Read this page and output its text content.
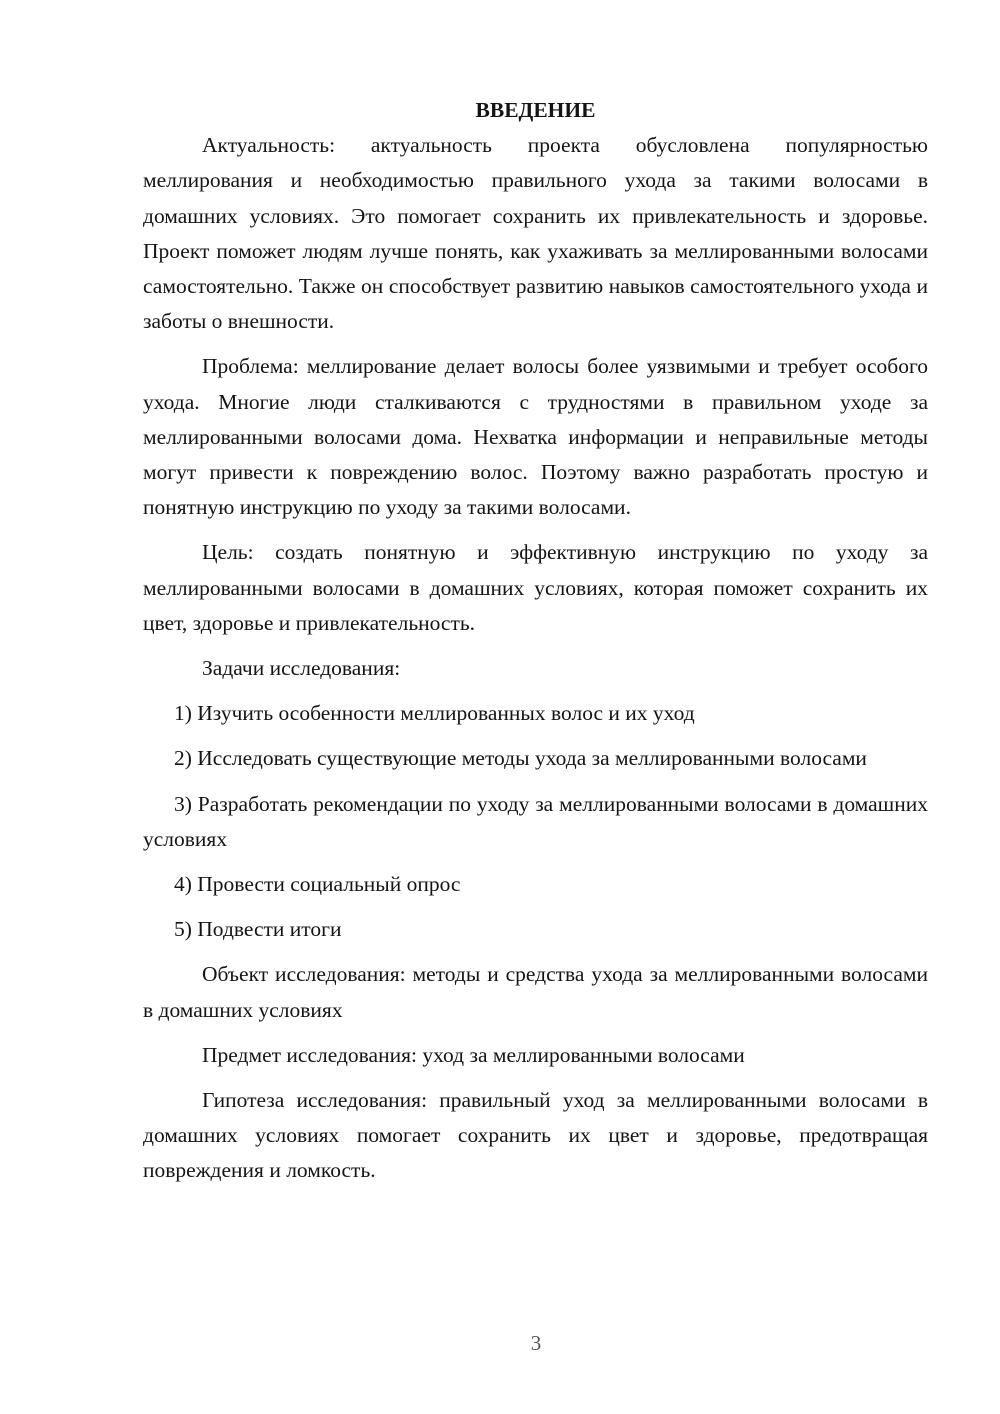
ВВЕДЕНИЕ

Актуальность: актуальность проекта обусловлена популярностью меллирования и необходимостью правильного ухода за такими волосами в домашних условиях. Это помогает сохранить их привлекательность и здоровье. Проект поможет людям лучше понять, как ухаживать за меллированными волосами самостоятельно. Также он способствует развитию навыков самостоятельного ухода и заботы о внешности.

Проблема: меллирование делает волосы более уязвимыми и требует особого ухода. Многие люди сталкиваются с трудностями в правильном уходе за меллированными волосами дома. Нехватка информации и неправильные методы могут привести к повреждению волос. Поэтому важно разработать простую и понятную инструкцию по уходу за такими волосами.

Цель: создать понятную и эффективную инструкцию по уходу за меллированными волосами в домашних условиях, которая поможет сохранить их цвет, здоровье и привлекательность.

Задачи исследования:

1) Изучить особенности меллированных волос и их уход

2) Исследовать существующие методы ухода за меллированными волосами

3) Разработать рекомендации по уходу за меллированными волосами в домашних условиях

4) Провести социальный опрос

5) Подвести итоги

Объект исследования: методы и средства ухода за меллированными волосами в домашних условиях

Предмет исследования: уход за меллированными волосами

Гипотеза исследования: правильный уход за меллированными волосами в домашних условиях помогает сохранить их цвет и здоровье, предотвращая повреждения и ломкость.

3
